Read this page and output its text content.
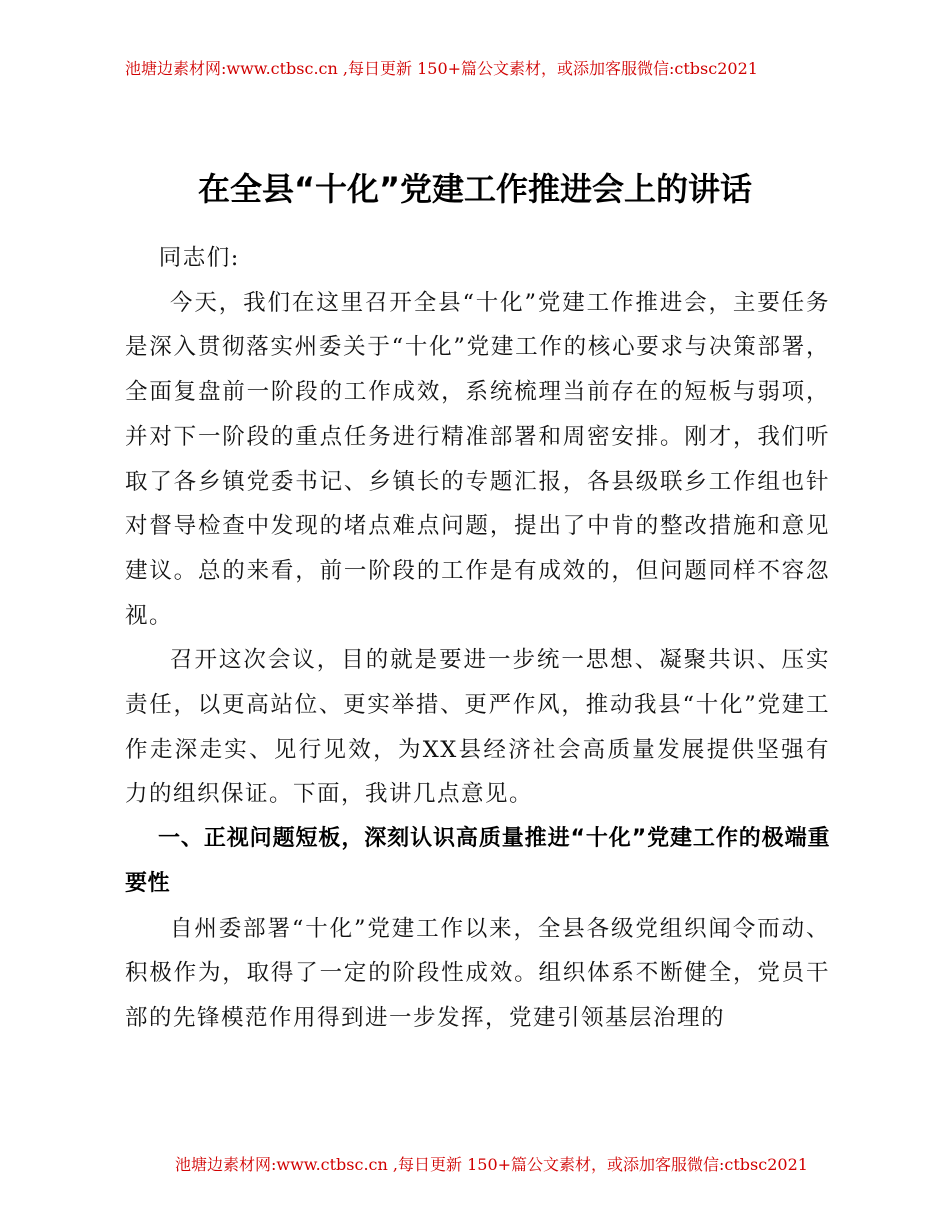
池塘边素材网:www.ctbsc.cn ,每日更新 150+篇公文素材，或添加客服微信:ctbsc2021
在全县“十化”党建工作推进会上的讲话

同志们:

今天，我们在这里召开全县“十化”党建工作推进会，主要任务是深入贯彻落实州委关于“十化”党建工作的核心要求与决策部署，全面复盘前一阶段的工作成效，系统梳理当前存在的短板与弱项，并对下一阶段的重点任务进行精准部署和周密安排。刚才，我们听取了各乡镇党委书记、乡镇长的专题汇报，各县级联乡工作组也针对督导检查中发现的堵点难点问题，提出了中肯的整改措施和意见建议。总的来看，前一阶段的工作是有成效的，但问题同样不容忽视。

召开这次会议，目的就是要进一步统一思想、凝聚共识、压实责任，以更高站位、更实举措、更严作风，推动我县“十化”党建工作走深走实、见行见效，为XX县经济社会高质量发展提供坚强有力的组织保证。下面，我讲几点意见。

一、正视问题短板，深刻认识高质量推进“十化”党建工作的极端重要性

自州委部署“十化”党建工作以来，全县各级党组织闻令而动、积极作为，取得了一定的阶段性成效。组织体系不断健全，党员干部的先锋模范作用得到进一步发挥，党建引领基层治理的

池塘边素材网:www.ctbsc.cn ,每日更新 150+篇公文素材，或添加客服微信:ctbsc2021
